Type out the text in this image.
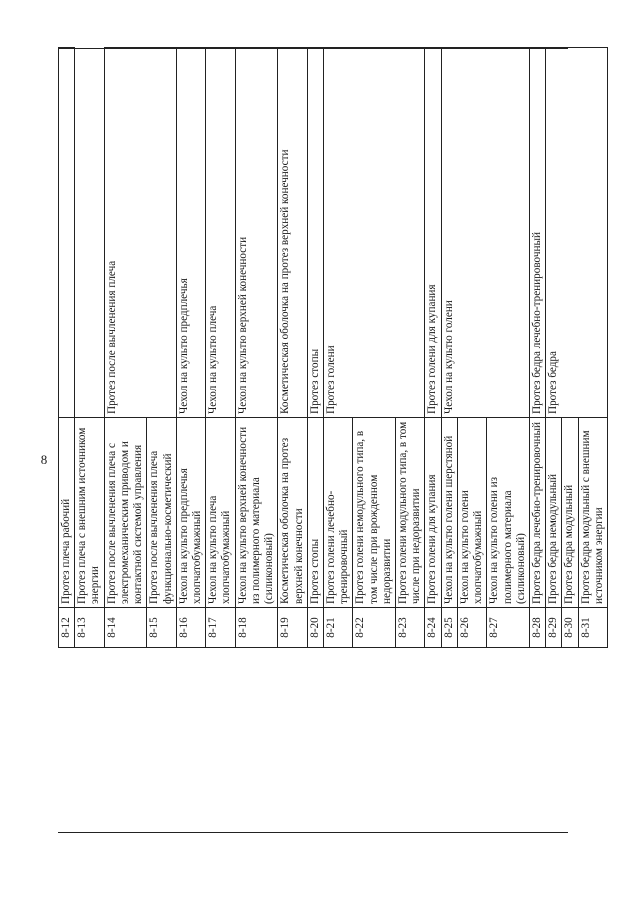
8
8-12	Протез плеча рабочий	
8-13	Протез плеча с внешним источником энергии	
8-14	Протез после вычленения плеча с электромеханическим приводом и контактной системой управления	Протез после вычленения плеча
8-15	Протез после вычленения плеча функционально-косметический	
8-16	Чехол на культю предплечья хлопчатобумажный	Чехол на культю предплечья
8-17	Чехол на культю плеча хлопчатобумажный	Чехол на культю плеча
8-18	Чехол на культю верхней конечности из полимерного материала (силиконовый)	Чехол на культю верхней конечности
8-19	Косметическая оболочка на протез верхней конечности	Косметическая оболочка на протез верхней конечности
8-20	Протез стопы	Протез стопы
8-21	Протез голени лечебно-тренировочный	Протез голени
8-22	Протез голени немодульного типа, в том числе при врожденном недоразвитии	
8-23	Протез голени модульного типа, в том числе при недоразвитии	
8-24	Протез голени для купания	Протез голени для купания
8-25	Чехол на культю голени шерстяной	Чехол на культю голени
8-26	Чехол на культю голени хлопчатобумажный	
8-27	Чехол на культю голени из полимерного материала (силиконовый)	
8-28	Протез бедра лечебно-тренировочный	Протез бедра лечебно-тренировочный
8-29	Протез бедра немодульный	Протез бедра
8-30	Протез бедра модульный	
8-31	Протез бедра модульный с внешним источником энергии	
